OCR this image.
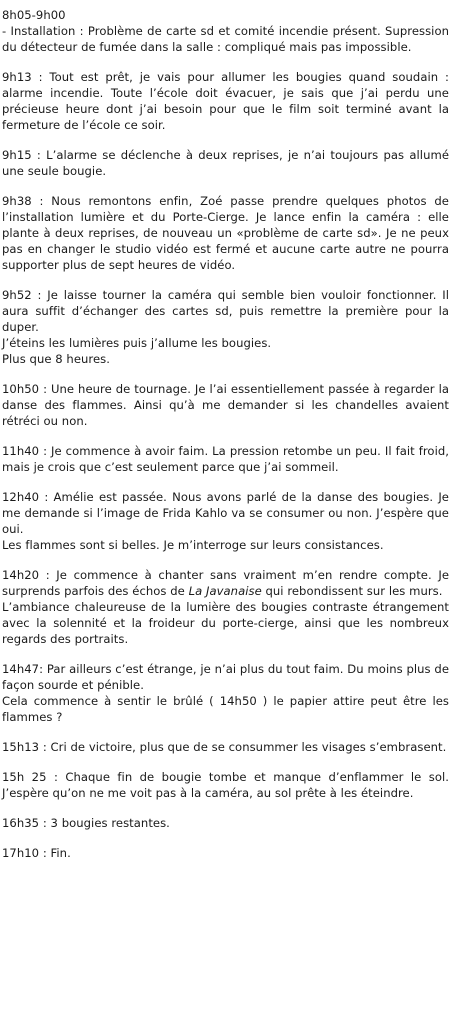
8h05-9h00

- Installation : Problème de carte sd et comité incendie présent. Supression du détecteur de fumée dans la salle : compliqué mais pas impossible.

9h13 : Tout est prêt, je vais pour allumer les bougies quand soudain : alarme incendie. Toute l’école doit évacuer, je sais que j’ai perdu une précieuse heure dont j’ai besoin pour que le film soit terminé avant la fermeture de l’école ce soir.

9h15 : L’alarme se déclenche à deux reprises, je n’ai toujours pas allumé une seule bougie.

9h38 : Nous remontons enfin, Zoé passe prendre quelques photos de l’installation lumière et du Porte-Cierge. Je lance enfin la caméra : elle plante à deux reprises, de nouveau un «problème de carte sd». Je ne peux pas en changer le studio vidéo est fermé et aucune carte autre ne pourra supporter plus de sept heures de vidéo.

9h52 : Je laisse tourner la caméra qui semble bien vouloir fonctionner. Il aura suffit d’échanger des cartes sd, puis remettre la première pour la duper.

J’éteins les lumières puis j’allume les bougies.

Plus que 8 heures.

10h50 : Une heure de tournage. Je l’ai essentiellement passée à regarder la danse des flammes. Ainsi qu’à me demander si les chandelles avaient rétréci ou non.

11h40 : Je commence à avoir faim. La pression retombe un peu. Il fait froid, mais je crois que c’est seulement parce que j’ai sommeil.

12h40 : Amélie est passée. Nous avons parlé de la danse des bougies. Je me demande si l’image de Frida Kahlo va se consumer ou non. J’espère que oui.

Les flammes sont si belles. Je m’interroge sur leurs consistances.

14h20 : Je commence à chanter sans vraiment m’en rendre compte. Je surprends parfois des échos de La Javanaise qui rebondissent sur les murs.

L’ambiance chaleureuse de la lumière des bougies contraste étrangement avec la solennité et la froideur du porte-cierge, ainsi que les nombreux regards des portraits.

14h47: Par ailleurs c’est étrange, je n’ai plus du tout faim. Du moins plus de façon sourde et pénible.

Cela commence à sentir le brûlé ( 14h50 ) le papier attire peut être les flammes ?

15h13 : Cri de victoire, plus que de se consummer les visages s’embrasent.

15h 25 : Chaque fin de bougie tombe et manque d’enflammer le sol. J’espère qu’on ne me voit pas à la caméra, au sol prête à les éteindre.

16h35 : 3 bougies restantes.

17h10 : Fin.
